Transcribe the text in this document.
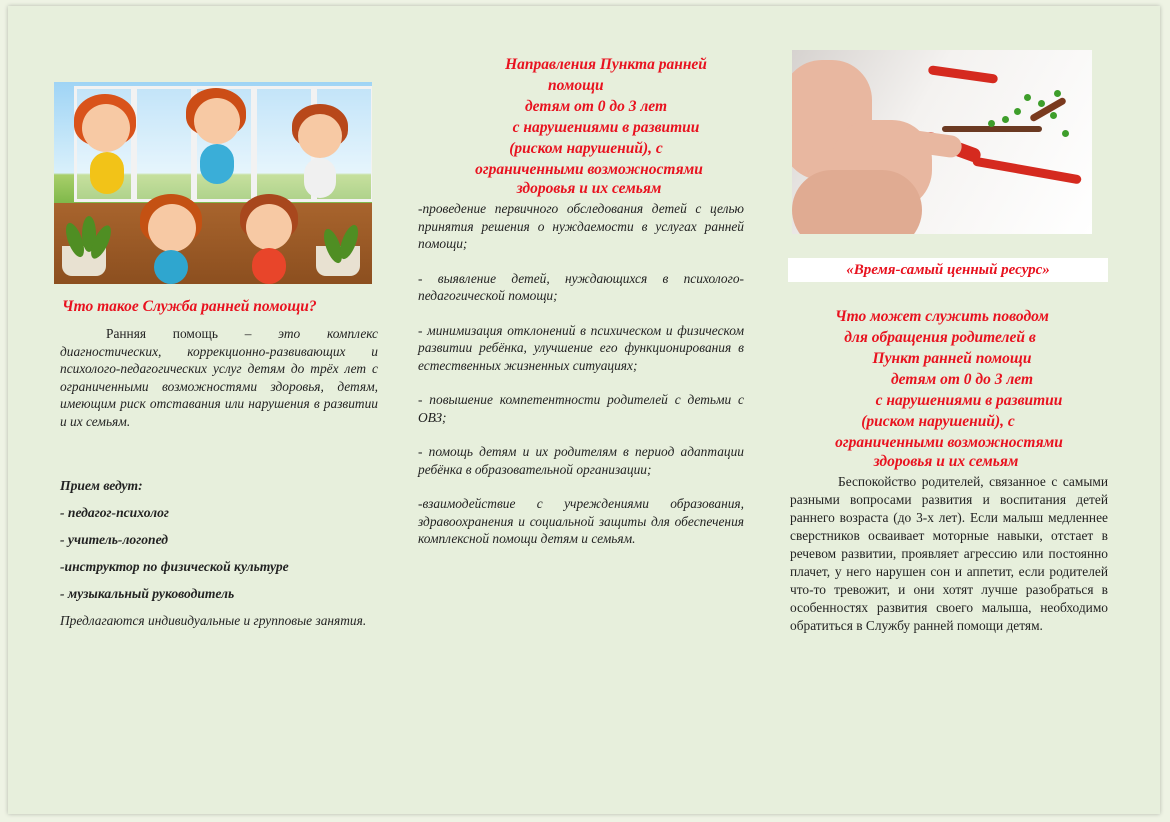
Что такое Служба ранней помощи?

Ранняя помощь – это комплекс диагностических, коррекционно-развивающих и психолого-педагогических услуг детям до трёх лет с ограниченными возможностями здоровья, детям, имеющим риск отставания или нарушения в развитии и их семьям.

Прием ведут:

- педагог-психолог

- учитель-логопед

-инструктор по физической культуре

- музыкальный руководитель

Предлагаются индивидуальные и групповые занятия.

Направления Пункта ранней

помощи

детям от 0 до 3 лет

с нарушениями в развитии

(риском нарушений), с

ограниченными возможностями

здоровья и их семьям

-проведение первичного обследования детей с целью принятия решения о нуждаемости в услугах ранней помощи;

- выявление детей, нуждающихся в психолого-педагогической помощи;

- минимизация отклонений в психическом и физическом развитии ребёнка, улучшение его функционирования в естественных жизненных ситуациях;

- повышение компетентности родителей с детьми с ОВЗ;

- помощь детям и их родителям в период адаптации ребёнка в образовательной организации;

-взаимодействие с учреждениями образования, здравоохранения и социальной защиты для обеспечения комплексной помощи детям и семьям.

«Время-самый ценный ресурс»

Что может служить поводом

для обращения родителей в

Пункт ранней помощи

детям от 0 до 3 лет

с нарушениями в развитии

(риском нарушений), с

ограниченными возможностями

здоровья и их семьям

Беспокойство родителей, связанное с самыми разными вопросами развития и воспитания детей раннего возраста (до 3-х лет). Если малыш медленнее сверстников осваивает моторные навыки, отстает в речевом развитии, проявляет агрессию или постоянно плачет, у него нарушен сон и аппетит, если родителей что-то тревожит, и они хотят лучше разобраться в особенностях развития своего малыша, необходимо обратиться в Службу ранней помощи детям.
